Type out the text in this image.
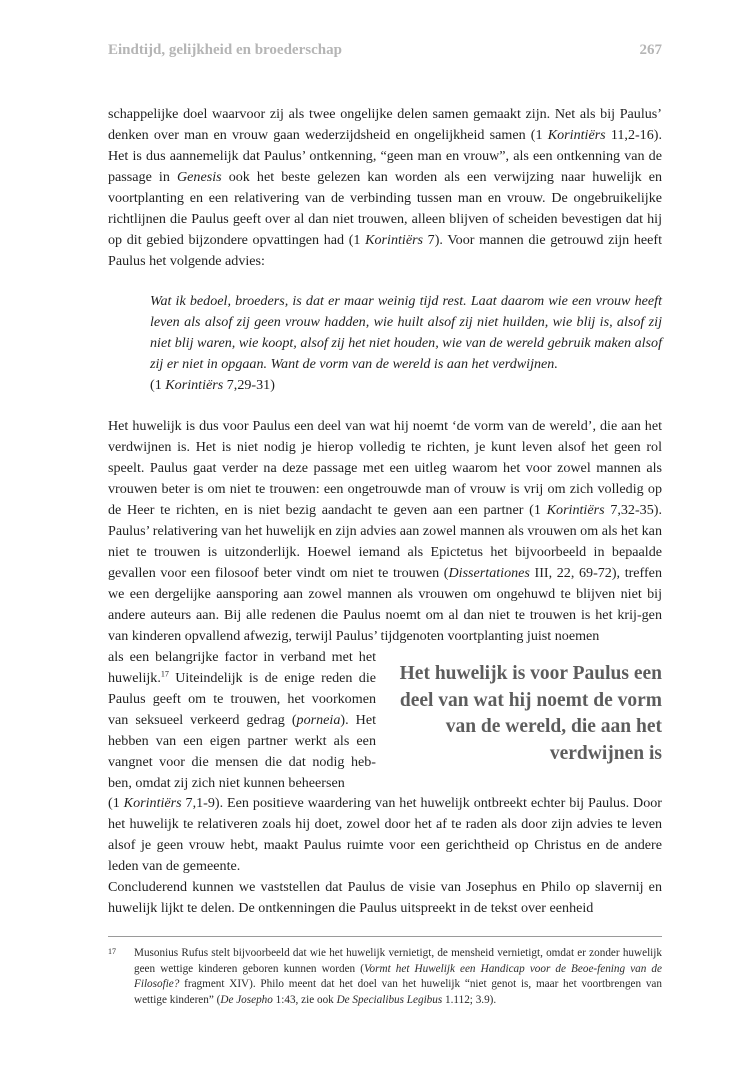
Eindtijd, gelijkheid en broederschap	267

schappelijke doel waarvoor zij als twee ongelijke delen samen gemaakt zijn. Net als bij Paulus’ denken over man en vrouw gaan wederzijdsheid en ongelijkheid samen (1 Korintiërs 11,2-16). Het is dus aannemelijk dat Paulus’ ontkenning, “geen man en vrouw”, als een ontkenning van de passage in Genesis ook het beste gelezen kan worden als een verwijzing naar huwelijk en voortplanting en een relativering van de verbinding tussen man en vrouw. De ongebruikelijke richtlijnen die Paulus geeft over al dan niet trouwen, alleen blijven of scheiden bevestigen dat hij op dit gebied bijzondere opvattingen had (1 Korintiërs 7). Voor mannen die getrouwd zijn heeft Paulus het volgende advies:

Wat ik bedoel, broeders, is dat er maar weinig tijd rest. Laat daarom wie een vrouw heeft leven als alsof zij geen vrouw hadden, wie huilt alsof zij niet huilden, wie blij is, alsof zij niet blij waren, wie koopt, alsof zij het niet houden, wie van de wereld gebruik maken alsof zij er niet in opgaan. Want de vorm van de wereld is aan het verdwijnen.
(1 Korintiërs 7,29-31)

Het huwelijk is dus voor Paulus een deel van wat hij noemt ‘de vorm van de wereld’, die aan het verdwijnen is. Het is niet nodig je hierop volledig te richten, je kunt leven alsof het geen rol speelt. Paulus gaat verder na deze passage met een uitleg waarom het voor zowel mannen als vrouwen beter is om niet te trouwen: een ongetrouwde man of vrouw is vrij om zich volledig op de Heer te richten, en is niet bezig aandacht te geven aan een partner (1 Korintiërs 7,32-35). Paulus’ relativering van het huwelijk en zijn advies aan zowel mannen als vrouwen om als het kan niet te trouwen is uitzonderlijk. Hoewel iemand als Epictetus het bijvoorbeeld in bepaalde gevallen voor een filosoof beter vindt om niet te trouwen (Dissertationes III, 22, 69-72), treffen we een dergelijke aansporing aan zowel mannen als vrouwen om ongehuwd te blijven niet bij andere auteurs aan. Bij alle redenen die Paulus noemt om al dan niet te trouwen is het krij-gen van kinderen opvallend afwezig, terwijl Paulus’ tijdgenoten voortplanting juist noemen

als een belangrijke factor in verband met het huwelijk.$^{17}$ Uiteindelijk is de enige reden die Paulus geeft om te trouwen, het voorkomen van seksueel verkeerd gedrag (porneia). Het hebben van een eigen partner werkt als een vangnet voor die mensen die dat nodig heb-ben, omdat zij zich niet kunnen beheersen

Het huwelijk is voor Paulus een deel van wat hij noemt de vorm van de wereld, die aan het verdwijnen is

(1 Korintiërs 7,1-9). Een positieve waardering van het huwelijk ontbreekt echter bij Paulus. Door het huwelijk te relativeren zoals hij doet, zowel door het af te raden als door zijn advies te leven alsof je geen vrouw hebt, maakt Paulus ruimte voor een gerichtheid op Christus en de andere leden van de gemeente.

Concluderend kunnen we vaststellen dat Paulus de visie van Josephus en Philo op slavernij en huwelijk lijkt te delen. De ontkenningen die Paulus uitspreekt in de tekst over eenheid

17 Musonius Rufus stelt bijvoorbeeld dat wie het huwelijk vernietigt, de mensheid vernietigt, omdat er zonder huwelijk geen wettige kinderen geboren kunnen worden (Vormt het Huwelijk een Handicap voor de Beoe-fening van de Filosofie? fragment XIV). Philo meent dat het doel van het huwelijk “niet genot is, maar het voortbrengen van wettige kinderen” (De Josepho 1:43, zie ook De Specialibus Legibus 1.112; 3.9).
